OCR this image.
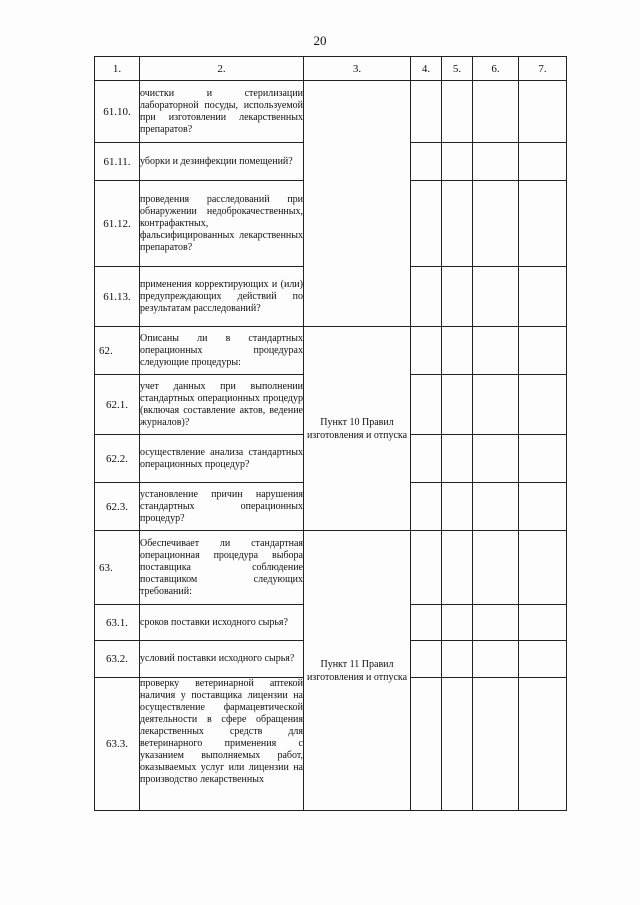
20
1.	2.	3.	4.	5.	6.	7.
61.10.	очистки и стерилизации лабораторной посуды, используемой при изготовлении лекарственных препаратов?					

61.11.	уборки и дезинфекции помещений?					

61.12.	проведения расследований при обнаружении недоброкачественных, контрафактных, фальсифицированных лекарственных препаратов?					

61.13.	применения корректирующих и (или) предупреждающих действий по результатам расследований?					

62.	Описаны ли в стандартных операционных процедурах следующие процедуры:	Пункт 10 Правил изготовления и отпуска				
62.1.	учет данных при выполнении стандартных операционных процедур (включая составление актов, ведение журналов)?					

62.2.	осуществление анализа стандартных операционных процедур?					

62.3.	установление причин нарушения стандартных операционных процедур?					

63.	Обеспечивает ли стандартная операционная процедура выбора поставщика соблюдение поставщиком следующих требований:	Пункт 11 Правил изготовления и отпуска				
63.1.	сроков поставки исходного сырья?					

63.2.	условий поставки исходного сырья?					

63.3.	проверку ветеринарной аптекой наличия у поставщика лицензии на осуществление фармацевтической деятельности в сфере обращения лекарственных средств для ветеринарного применения с указанием выполняемых работ, оказываемых услуг или лицензии на производство лекарственных					
